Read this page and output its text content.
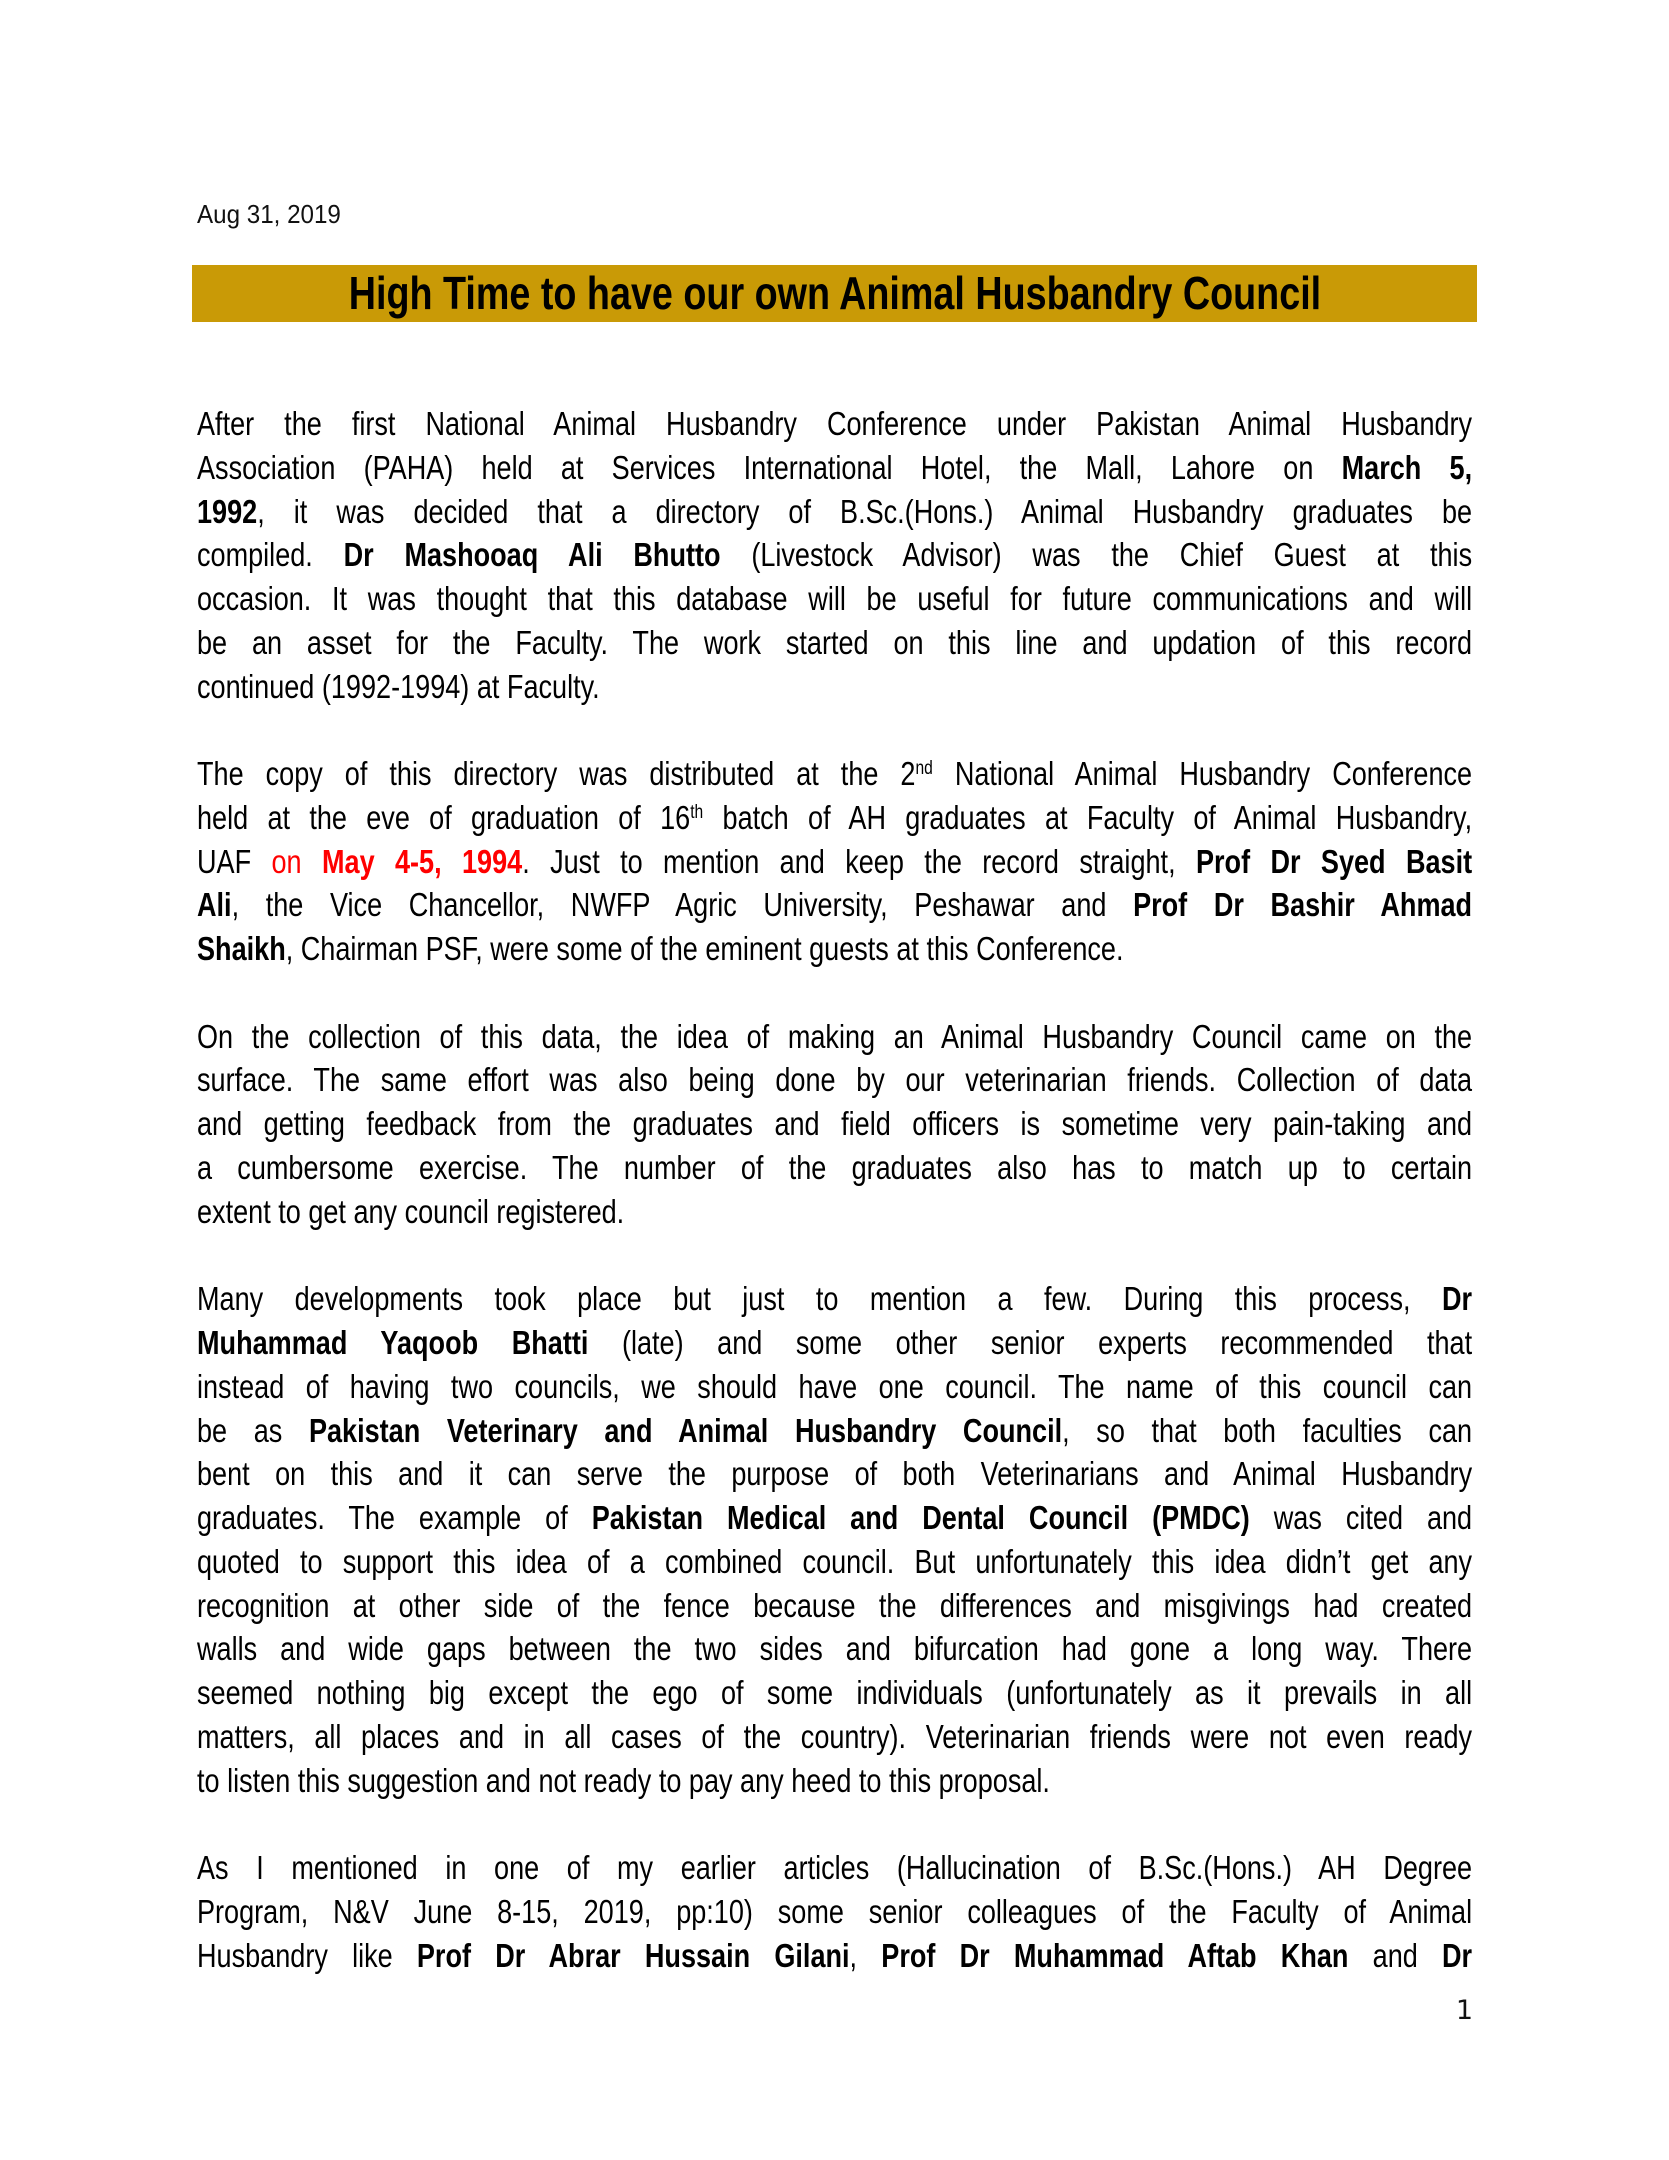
Aug 31, 2019
High Time to have our own Animal Husbandry Council
After the first National Animal Husbandry Conference under Pakistan Animal Husbandry
Association (PAHA) held at Services International Hotel, the Mall, Lahore on March 5,
1992, it was decided that a directory of B.Sc.(Hons.) Animal Husbandry graduates be
compiled. Dr Mashooaq Ali Bhutto (Livestock Advisor) was the Chief Guest at this
occasion. It was thought that this database will be useful for future communications and will
be an asset for the Faculty. The work started on this line and updation of this record
continued (1992-1994) at Faculty.
The copy of this directory was distributed at the 2nd National Animal Husbandry Conference
held at the eve of graduation of 16th batch of AH graduates at Faculty of Animal Husbandry,
UAF on May 4-5, 1994. Just to mention and keep the record straight, Prof Dr Syed Basit
Ali, the Vice Chancellor, NWFP Agric University, Peshawar and Prof Dr Bashir Ahmad
Shaikh, Chairman PSF, were some of the eminent guests at this Conference.
On the collection of this data, the idea of making an Animal Husbandry Council came on the
surface. The same effort was also being done by our veterinarian friends. Collection of data
and getting feedback from the graduates and field officers is sometime very pain-taking and
a cumbersome exercise. The number of the graduates also has to match up to certain
extent to get any council registered.
Many developments took place but just to mention a few. During this process, Dr
Muhammad Yaqoob Bhatti (late) and some other senior experts recommended that
instead of having two councils, we should have one council. The name of this council can
be as Pakistan Veterinary and Animal Husbandry Council, so that both faculties can
bent on this and it can serve the purpose of both Veterinarians and Animal Husbandry
graduates. The example of Pakistan Medical and Dental Council (PMDC) was cited and
quoted to support this idea of a combined council. But unfortunately this idea didn’t get any
recognition at other side of the fence because the differences and misgivings had created
walls and wide gaps between the two sides and bifurcation had gone a long way. There
seemed nothing big except the ego of some individuals (unfortunately as it prevails in all
matters, all places and in all cases of the country). Veterinarian friends were not even ready
to listen this suggestion and not ready to pay any heed to this proposal.
As I mentioned in one of my earlier articles (Hallucination of B.Sc.(Hons.) AH Degree
Program, N&V June 8-15, 2019, pp:10) some senior colleagues of the Faculty of Animal
Husbandry like Prof Dr Abrar Hussain Gilani, Prof Dr Muhammad Aftab Khan and Dr
1
